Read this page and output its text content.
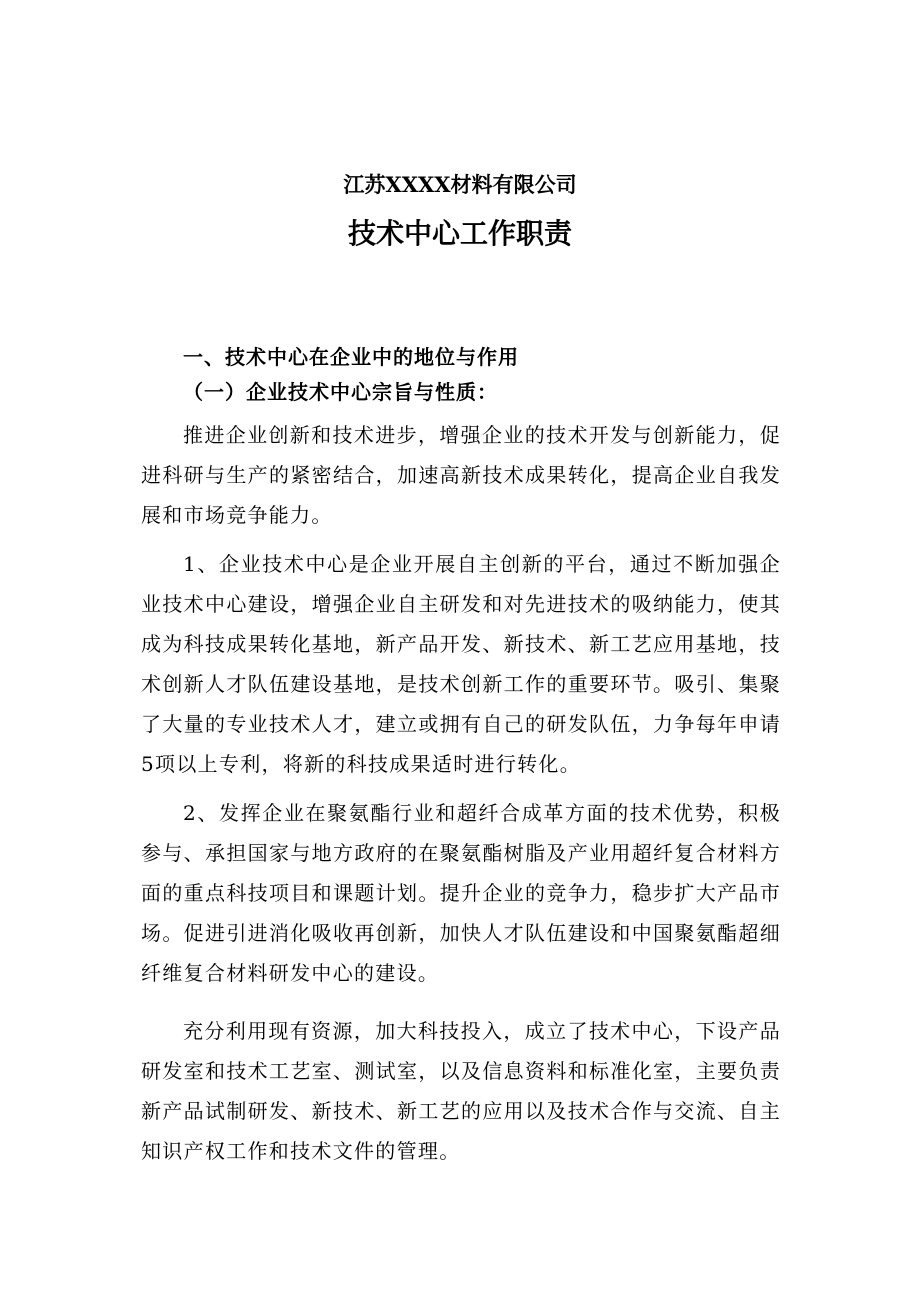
江苏XXXX材料有限公司
技术中心工作职责

一、技术中心在企业中的地位与作用

（一）企业技术中心宗旨与性质：

推进企业创新和技术进步，增强企业的技术开发与创新能力，促进科研与生产的紧密结合，加速高新技术成果转化，提高企业自我发展和市场竞争能力。

1、企业技术中心是企业开展自主创新的平台，通过不断加强企业技术中心建设，增强企业自主研发和对先进技术的吸纳能力，使其成为科技成果转化基地，新产品开发、新技术、新工艺应用基地，技术创新人才队伍建设基地，是技术创新工作的重要环节。吸引、集聚了大量的专业技术人才，建立或拥有自己的研发队伍，力争每年申请5项以上专利，将新的科技成果适时进行转化。

2、发挥企业在聚氨酯行业和超纤合成革方面的技术优势，积极参与、承担国家与地方政府的在聚氨酯树脂及产业用超纤复合材料方面的重点科技项目和课题计划。提升企业的竞争力，稳步扩大产品市场。促进引进消化吸收再创新，加快人才队伍建设和中国聚氨酯超细纤维复合材料研发中心的建设。

充分利用现有资源，加大科技投入，成立了技术中心，下设产品研发室和技术工艺室、测试室，以及信息资料和标准化室，主要负责新产品试制研发、新技术、新工艺的应用以及技术合作与交流、自主知识产权工作和技术文件的管理。
